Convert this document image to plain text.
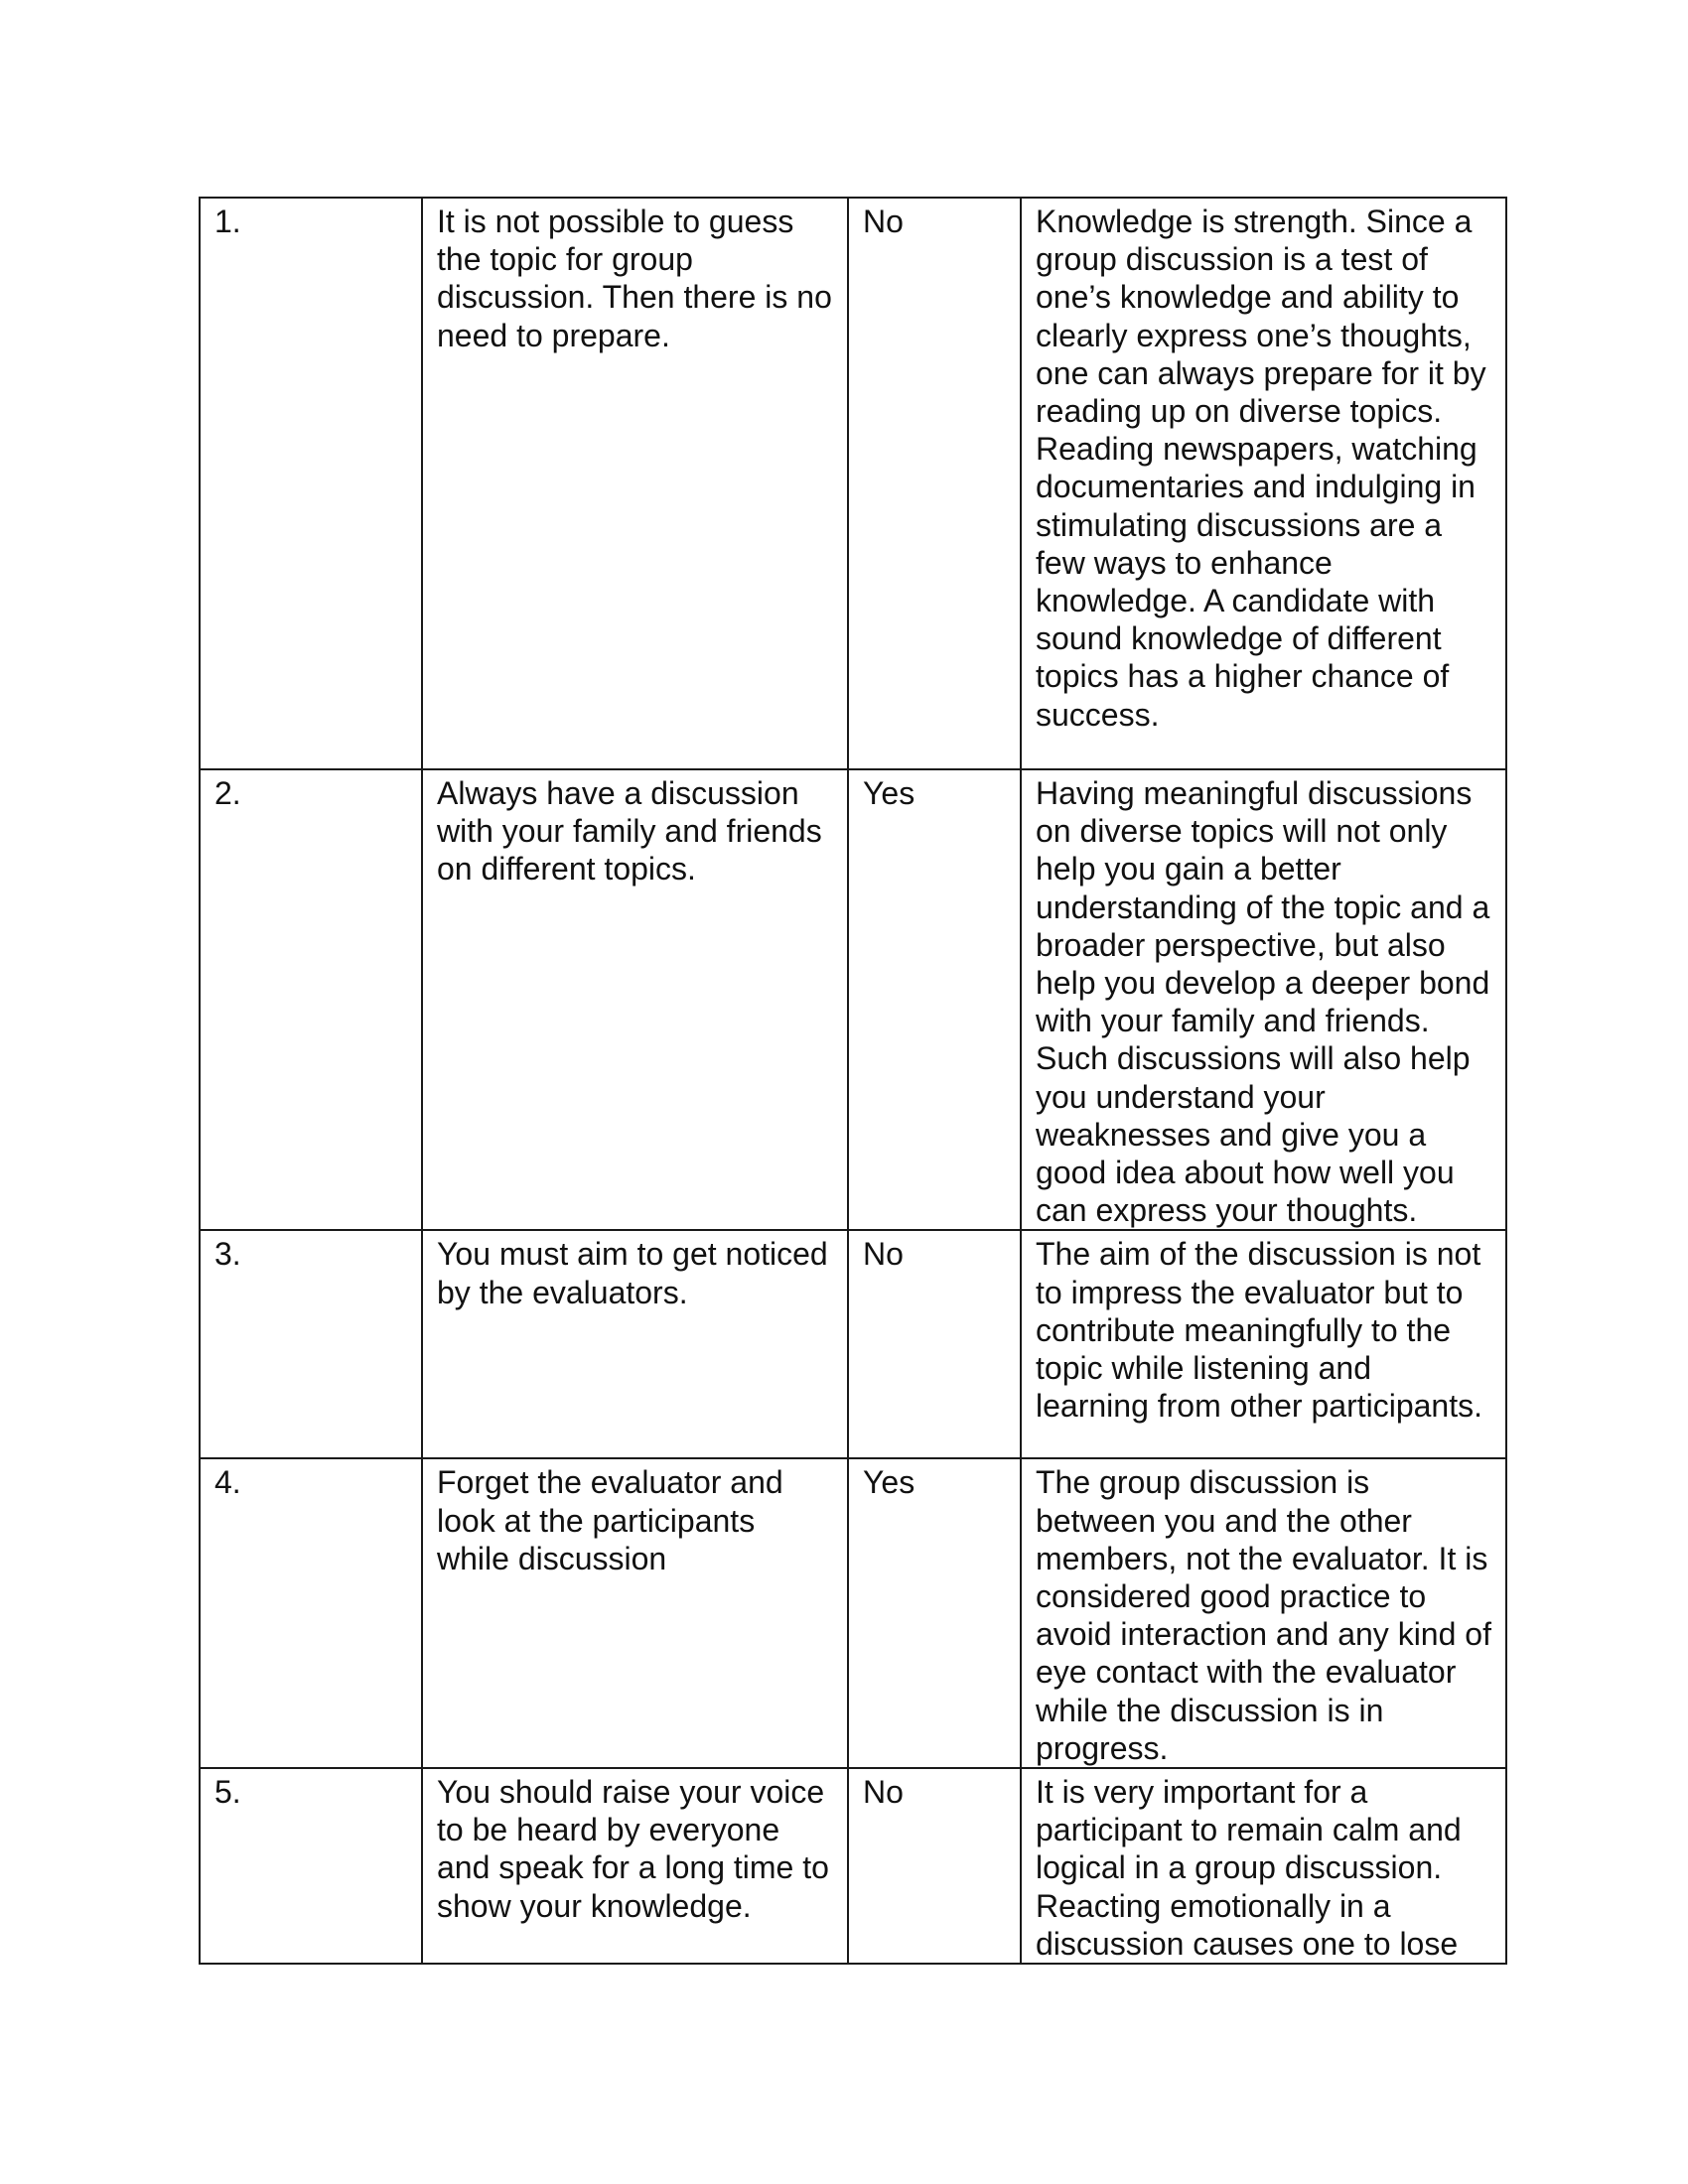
1.	It is not possible to guess the topic for group discussion. Then there is no need to prepare.	No	Knowledge is strength. Since a group discussion is a test of one’s knowledge and ability to clearly express one’s thoughts, one can always prepare for it by reading up on diverse topics. Reading newspapers, watching documentaries and indulging in stimulating discussions are a few ways to enhance knowledge. A candidate with sound knowledge of different topics has a higher chance of success.

2.	Always have a discussion with your family and friends on different topics.	Yes	Having meaningful discussions on diverse topics will not only help you gain a better understanding of the topic and a broader perspective, but also help you develop a deeper bond with your family and friends. Such discussions will also help you understand your weaknesses and give you a good idea about how well you can express your thoughts.

3.	You must aim to get noticed by the evaluators.	No	The aim of the discussion is not to impress the evaluator but to contribute meaningfully to the topic while listening and learning from other participants.

4.	Forget the evaluator and look at the participants while discussion	Yes	The group discussion is between you and the other members, not the evaluator. It is considered good practice to avoid interaction and any kind of eye contact with the evaluator while the discussion is in progress.

5.	You should raise your voice to be heard by everyone and speak for a long time to show your knowledge.	No	It is very important for a participant to remain calm and logical in a group discussion. Reacting emotionally in a discussion causes one to lose
